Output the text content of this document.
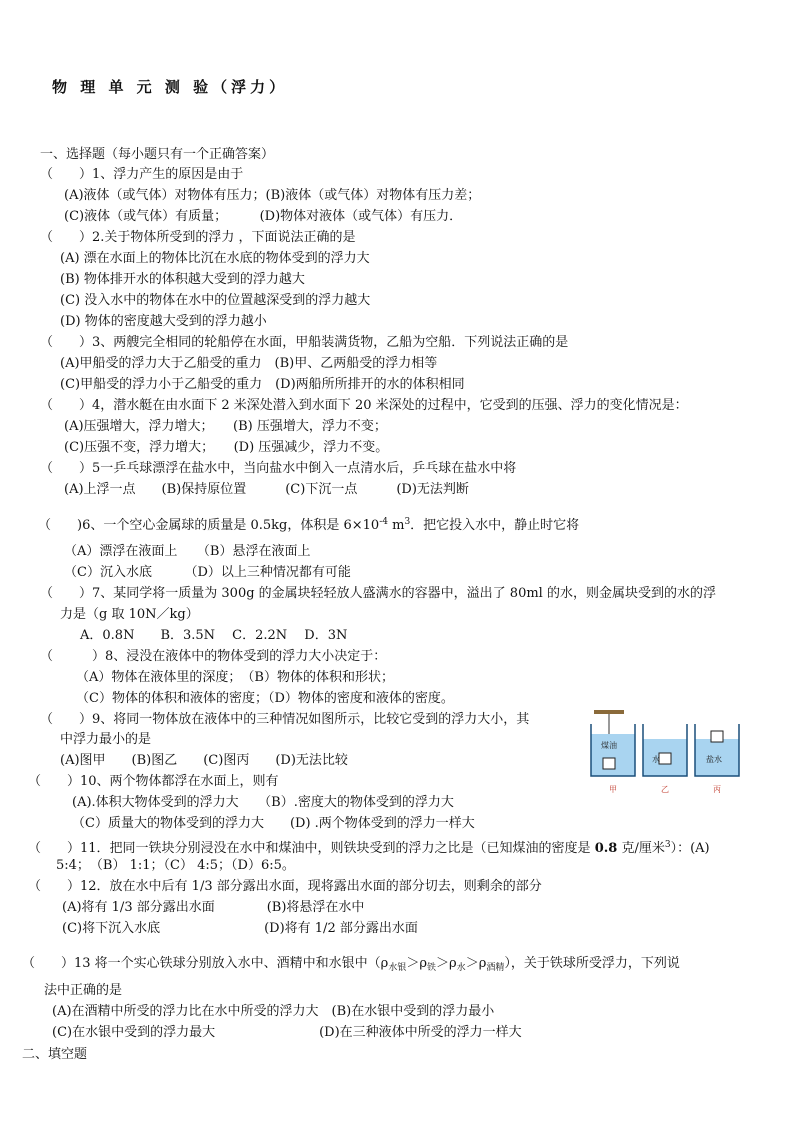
物 理 单 元 测 验（浮力）
一、选择题（每小题只有一个正确答案）
（　　）1、浮力产生的原因是由于
(A)液体（或气体）对物体有压力；(B)液体（或气体）对物体有压力差；
(C)液体（或气体）有质量；　　　(D)物体对液体（或气体）有压力．
（　　）2.关于物体所受到的浮力 ，下面说法正确的是
(A) 漂在水面上的物体比沉在水底的物体受到的浮力大
(B) 物体排开水的体积越大受到的浮力越大
(C) 没入水中的物体在水中的位置越深受到的浮力越大
(D) 物体的密度越大受到的浮力越小
（　　）3、两艘完全相同的轮船停在水面，甲船装满货物，乙船为空船．下列说法正确的是
(A)甲船受的浮力大于乙船受的重力　(B)甲、乙两船受的浮力相等
(C)甲船受的浮力小于乙船受的重力　(D)两船所所排开的水的体积相同
（　　）4，潜水艇在由水面下 2 米深处潜入到水面下 20 米深处的过程中，它受到的压强、浮力的变化情况是：
(A)压强增大，浮力增大；　　(B) 压强增大，浮力不变；
(C)压强不变，浮力增大；　　(D) 压强减少，浮力不变。
（　　）5一乒乓球漂浮在盐水中，当向盐水中倒入一点清水后，乒乓球在盐水中将
(A)上浮一点　　(B)保持原位置　　　(C)下沉一点　　　(D)无法判断
（　　)6、一个空心金属球的质量是 0.5kg，体积是 $6\times 10^{-4}$ $m^3$．把它投入水中，静止时它将
（A）漂浮在液面上　　（B）悬浮在液面上
（C）沉入水底　　　（D）以上三种情况都有可能
（　　）7、某同学将一质量为 300g 的金属块轻轻放人盛满水的容器中，溢出了 80ml 的水，则金属块受到的水的浮
力是（g 取 10N／kg）
A．0.8N　　B．3.5N　 C．2.2N　 D．3N
（　　　）8、浸没在液体中的物体受到的浮力大小决定于：
（A）物体在液体里的深度；　（B）物体的体积和形状；
（C）物体的体积和液体的密度；（D）物体的密度和液体的密度。
（　　）9、将同一物体放在液体中的三种情况如图所示，比较它受到的浮力大小，其
中浮力最小的是
(A)图甲　　(B)图乙　　(C)图丙　　(D)无法比较
煤油
水	盐水
甲	乙	丙
（　　）10、两个物体都浮在水面上，则有
(A).体积大物体受到的浮力大　　（B）.密度大的物体受到的浮力大
（C）质量大的物体受到的浮力大　　(D) .两个物体受到的浮力一样大
（　　）11．把同一铁块分别浸没在水中和煤油中，则铁块受到的浮力之比是（已知煤油的密度是 0.8 克/厘米$^3$）：(A)
5:4；　（B） 1:1；（C） 4:5；（D）6:5。
（　　）12．放在水中后有 1/3 部分露出水面，现将露出水面的部分切去，则剩余的部分
(A)将有 1/3 部分露出水面　　　　(B)将悬浮在水中
(C)将下沉入水底　　　　　　　　(D)将有 1/2 部分露出水面
（　　）13 将一个实心铁球分别放入水中、酒精中和水银中$(\rho_{水银}>\rho_铁>\rho_水>\rho_{酒精})$，关于铁球所受浮力，下列说
法中正确的是
(A)在酒精中所受的浮力比在水中所受的浮力大　(B)在水银中受到的浮力最小
(C)在水银中受到的浮力最大　　　　　　　　(D)在三种液体中所受的浮力一样大
二、填空题
